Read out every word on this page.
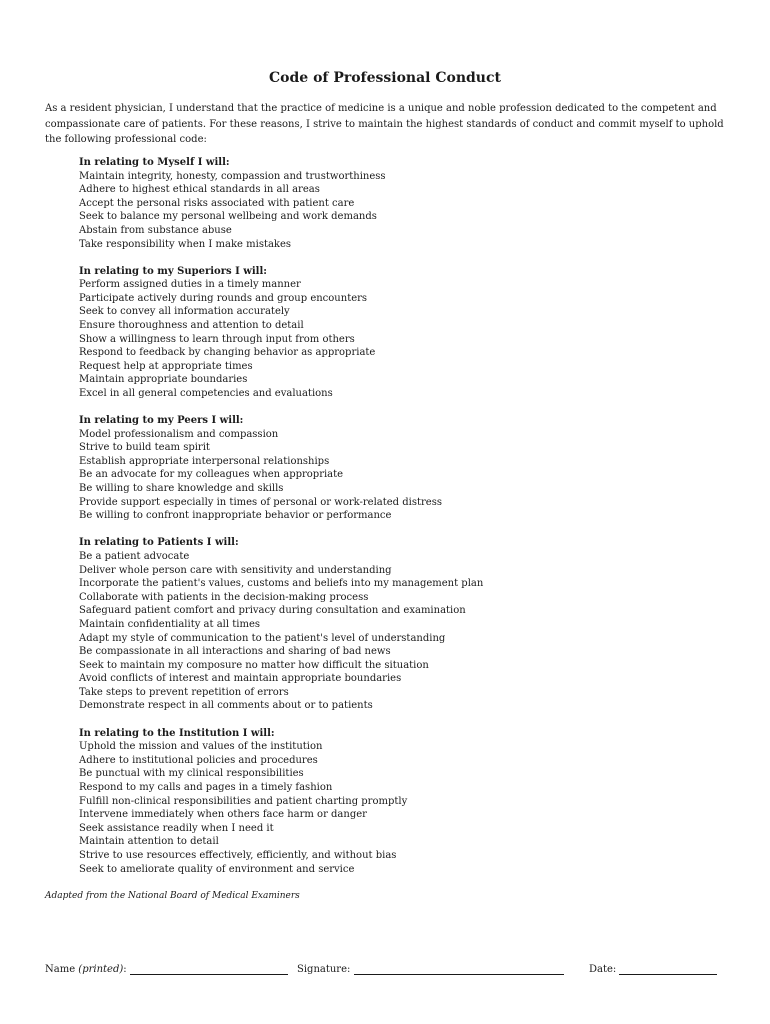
Code of Professional Conduct

As a resident physician, I understand that the practice of medicine is a unique and noble profession dedicated to the competent and compassionate care of patients. For these reasons, I strive to maintain the highest standards of conduct and commit myself to uphold the following professional code:

In relating to Myself I will:
Maintain integrity, honesty, compassion and trustworthiness
Adhere to highest ethical standards in all areas
Accept the personal risks associated with patient care
Seek to balance my personal wellbeing and work demands
Abstain from substance abuse
Take responsibility when I make mistakes
In relating to my Superiors I will:
Perform assigned duties in a timely manner
Participate actively during rounds and group encounters
Seek to convey all information accurately
Ensure thoroughness and attention to detail
Show a willingness to learn through input from others
Respond to feedback by changing behavior as appropriate
Request help at appropriate times
Maintain appropriate boundaries
Excel in all general competencies and evaluations
In relating to my Peers I will:
Model professionalism and compassion
Strive to build team spirit
Establish appropriate interpersonal relationships
Be an advocate for my colleagues when appropriate
Be willing to share knowledge and skills
Provide support especially in times of personal or work-related distress
Be willing to confront inappropriate behavior or performance
In relating to Patients I will:
Be a patient advocate
Deliver whole person care with sensitivity and understanding
Incorporate the patient's values, customs and beliefs into my management plan
Collaborate with patients in the decision-making process
Safeguard patient comfort and privacy during consultation and examination
Maintain confidentiality at all times
Adapt my style of communication to the patient's level of understanding
Be compassionate in all interactions and sharing of bad news
Seek to maintain my composure no matter how difficult the situation
Avoid conflicts of interest and maintain appropriate boundaries
Take steps to prevent repetition of errors
Demonstrate respect in all comments about or to patients
In relating to the Institution I will:
Uphold the mission and values of the institution
Adhere to institutional policies and procedures
Be punctual with my clinical responsibilities
Respond to my calls and pages in a timely fashion
Fulfill non-clinical responsibilities and patient charting promptly
Intervene immediately when others face harm or danger
Seek assistance readily when I need it
Maintain attention to detail
Strive to use resources effectively, efficiently, and without bias
Seek to ameliorate quality of environment and service

Adapted from the National Board of Medical Examiners

Name (printed):	Signature:	Date:
